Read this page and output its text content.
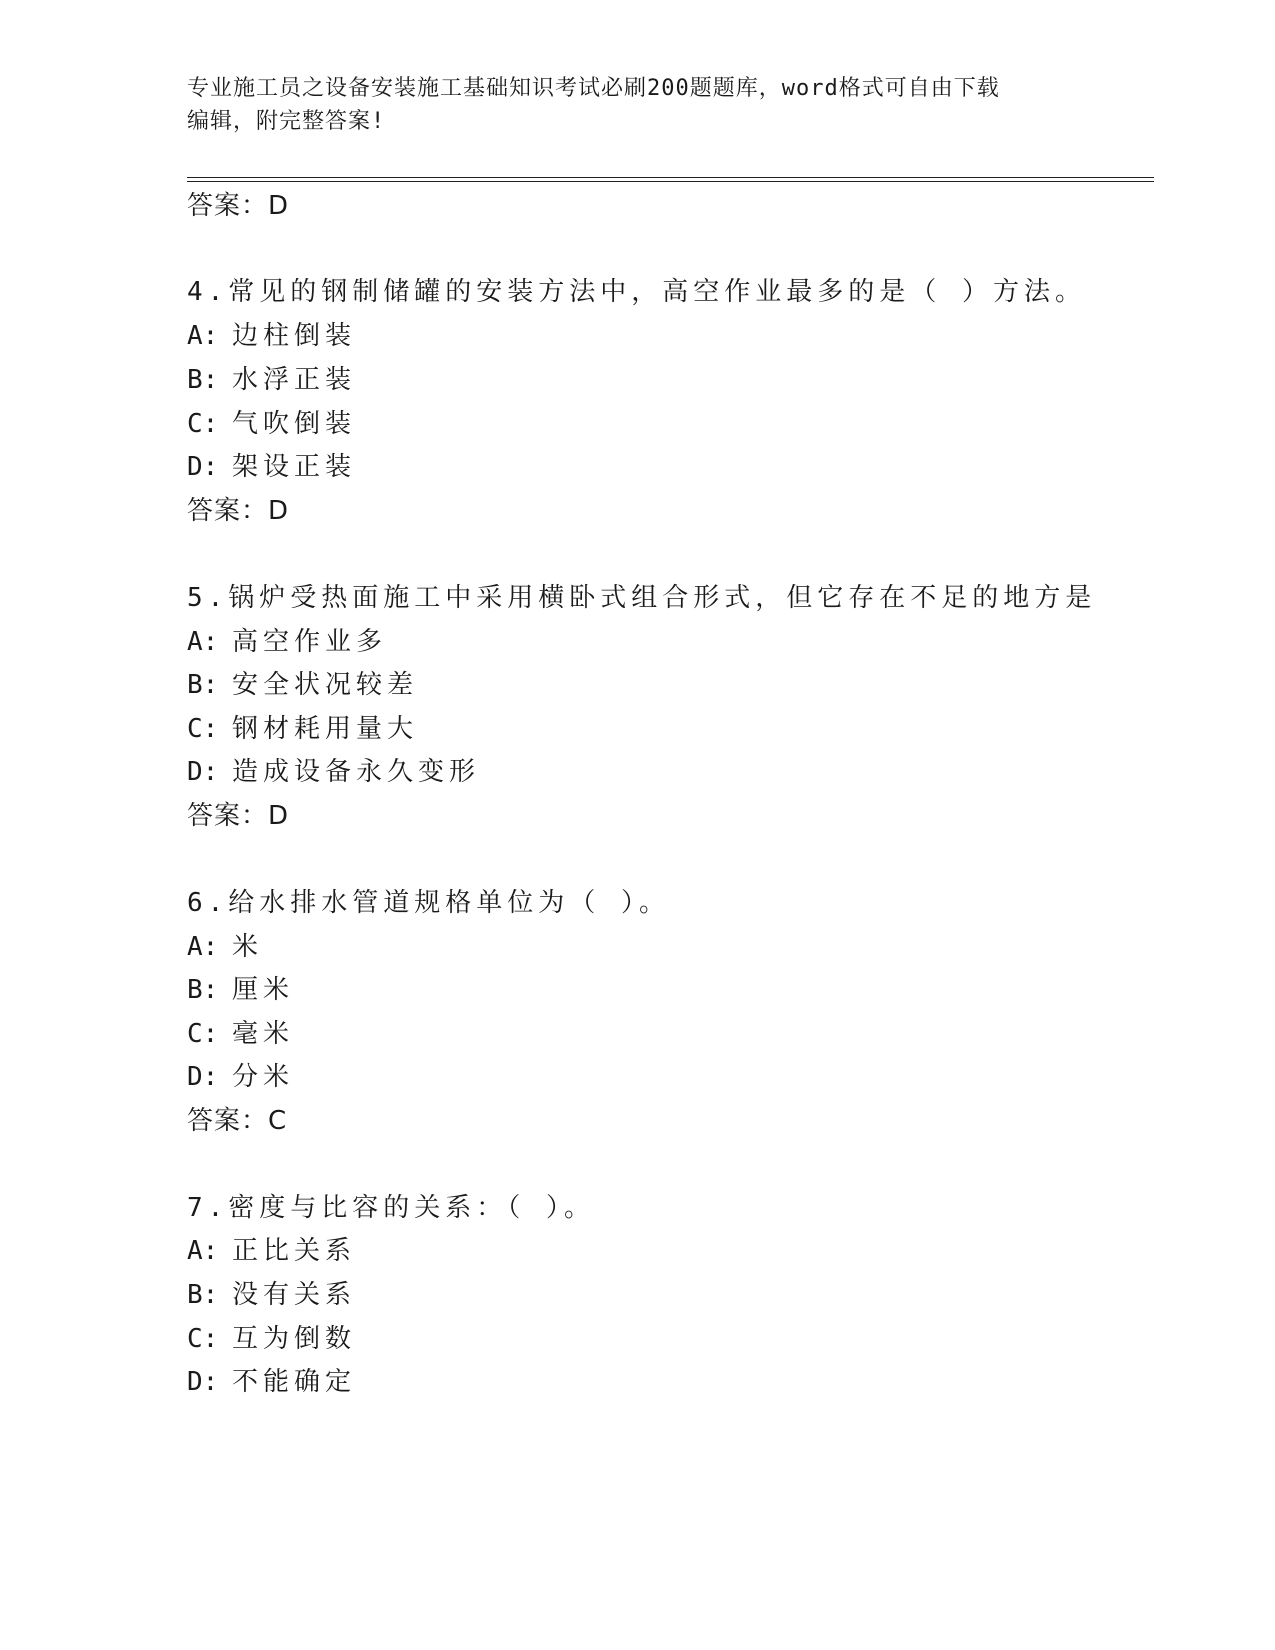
专业施工员之设备安装施工基础知识考试必刷200题题库，word格式可自由下载
编辑，附完整答案!
答案：D
4.常见的钢制储罐的安装方法中，高空作业最多的是（ ）方法。
A: 边柱倒装
B: 水浮正装
C: 气吹倒装
D: 架设正装
答案：D
5.锅炉受热面施工中采用横卧式组合形式，但它存在不足的地方是
A: 高空作业多
B: 安全状况较差
C: 钢材耗用量大
D: 造成设备永久变形
答案：D
6.给水排水管道规格单位为（ ）。
A: 米
B: 厘米
C: 毫米
D: 分米
答案：C
7.密度与比容的关系：（ ）。
A: 正比关系
B: 没有关系
C: 互为倒数
D: 不能确定
